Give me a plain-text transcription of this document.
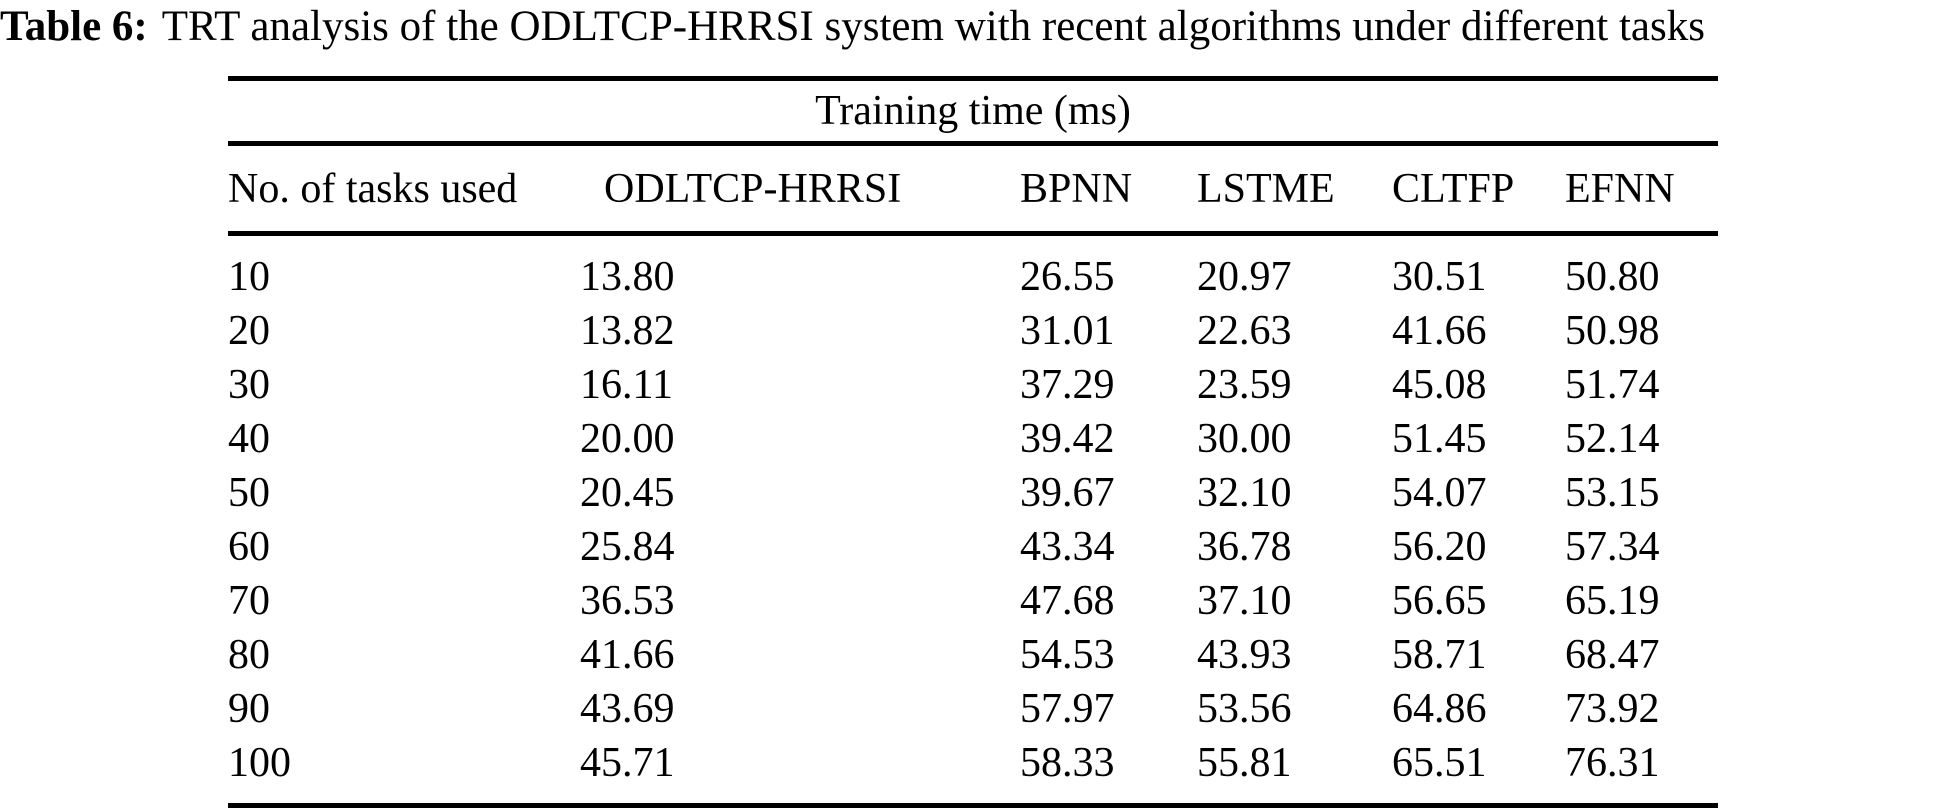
Table 6: TRT analysis of the ODLTCP-HRRSI system with recent algorithms under different tasks
Training time (ms)					
No. of tasks used	ODLTCP-HRRSI	BPNN	LSTME	CLTFP	EFNN
10	13.80	26.55	20.97	30.51	50.80
20	13.82	31.01	22.63	41.66	50.98
30	16.11	37.29	23.59	45.08	51.74
40	20.00	39.42	30.00	51.45	52.14
50	20.45	39.67	32.10	54.07	53.15
60	25.84	43.34	36.78	56.20	57.34
70	36.53	47.68	37.10	56.65	65.19
80	41.66	54.53	43.93	58.71	68.47
90	43.69	57.97	53.56	64.86	73.92
100	45.71	58.33	55.81	65.51	76.31
